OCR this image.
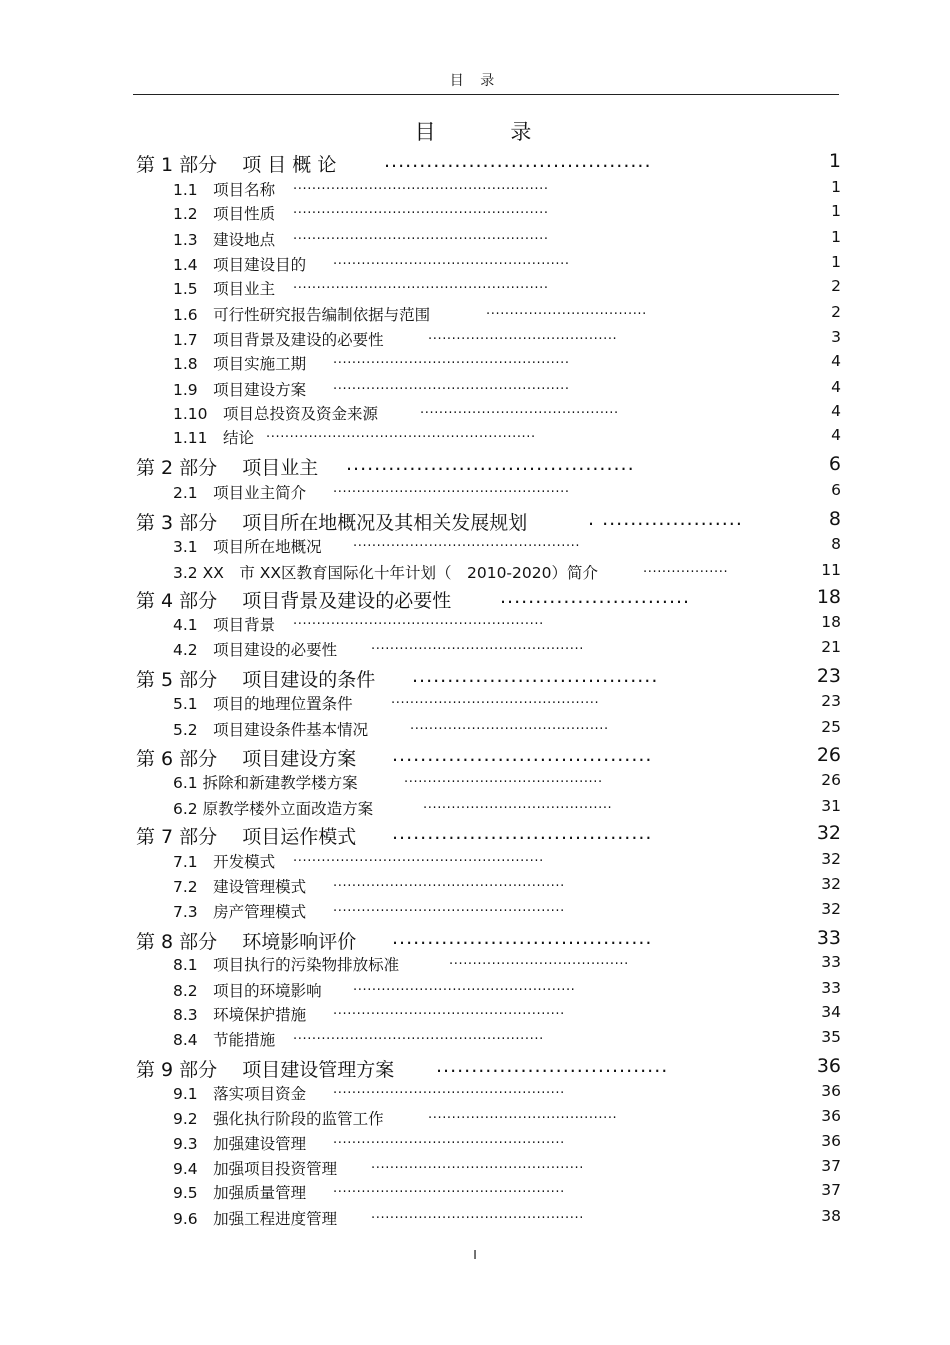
目 录
目 录
第 1 部分　 项 目 概 论	......................................	1
1.1　项目名称 ......................................................	1
1.2　项目性质 ......................................................	1
1.3　建设地点 ......................................................	1
1.4　项目建设目的 ..................................................	1
1.5　项目业主 ......................................................	2
1.6　可行性研究报告编制依据与范围	..................................	2
1.7　项目背景及建设的必要性	........................................	3
1.8　项目实施工期 ..................................................	4
1.9　项目建设方案 ..................................................	4
1.10　项目总投资及资金来源	..........................................	4
1.11　结论 .........................................................	4
第 2 部分　 项目业主 .........................................	6
2.1　项目业主简介 ..................................................	6
第 3 部分　 项目所在地概况及其相关发展规划	. ....................	8
3.1　项目所在地概况 ................................................	8
3.2 XX　市 XX区教育国际化十年计划（　2010-2020）简介	..................	11
第 4 部分　 项目背景及建设的必要性	...........................	18
4.1　项目背景 .....................................................	18
4.2　项目建设的必要性	.............................................	21
第 5 部分　 项目建设的条件 ...................................	23
5.1　项目的地理位置条件	............................................	23
5.2　项目建设条件基本情况	..........................................	25
第 6 部分　 项目建设方案 .....................................	26
6.1 拆除和新建教学楼方案	..........................................	26
6.2 原教学楼外立面改造方案	........................................	31
第 7 部分　 项目运作模式 .....................................	32
7.1　开发模式 .....................................................	32
7.2　建设管理模式 .................................................	32
7.3　房产管理模式 .................................................	32
第 8 部分　 环境影响评价 .....................................	33
8.1　项目执行的污染物排放标准	......................................	33
8.2　项目的环境影响 ...............................................	33
8.3　环境保护措施 .................................................	34
8.4　节能措施 .....................................................	35
第 9 部分　 项目建设管理方案 .................................	36
9.1　落实项目资金 .................................................	36
9.2　强化执行阶段的监管工作	........................................	36
9.3　加强建设管理 .................................................	36
9.4　加强项目投资管理	.............................................	37
9.5　加强质量管理 .................................................	37
9.6　加强工程进度管理	.............................................	38
I
